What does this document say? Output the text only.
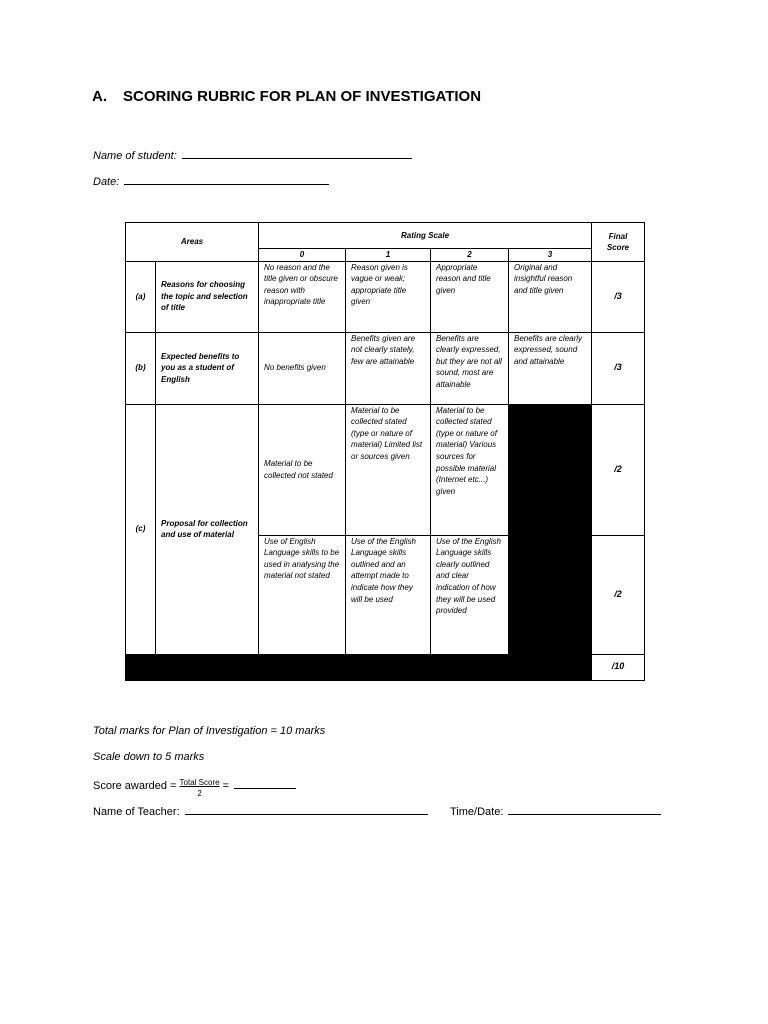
A. SCORING RUBRIC FOR PLAN OF INVESTIGATION
Name of student:
Date:
Areas		Rating Scale				Final Score
		0	1	2	3	
(a)	Reasons for choosing the topic and selection of title	No reason and the title given or obscure reason with inappropriate title	Reason given is vague or weak; appropriate title given	Appropriate reason and title given	Original and insightful reason and title given	/3
(b)	Expected benefits to you as a student of English	No benefits given	Benefits given are not clearly stately, few are attainable	Benefits are clearly expressed, but they are not all sound, most are attainable	Benefits are clearly expressed, sound and attainable	/3
(c)	Proposal for collection and use of material	Material to be collected not stated	Material to be collected stated (type or nature of material) Limited list or sources given	Material to be collected stated (type or nature of material) Various sources for possible material (Internet etc...) given		/2
		Use of English Language skills to be used in analysing the material not stated	Use of the English Language skills outlined and an attempt made to indicate how they will be used	Use of the English Language skills clearly outlined and clear indication of how they will be used provided		/2
						/10
Total marks for Plan of Investigation = 10 marks
Scale down to 5 marks
Score awarded = $\frac{\text{Total Score}}{2}$ =
Name of Teacher:	Time/Date:
